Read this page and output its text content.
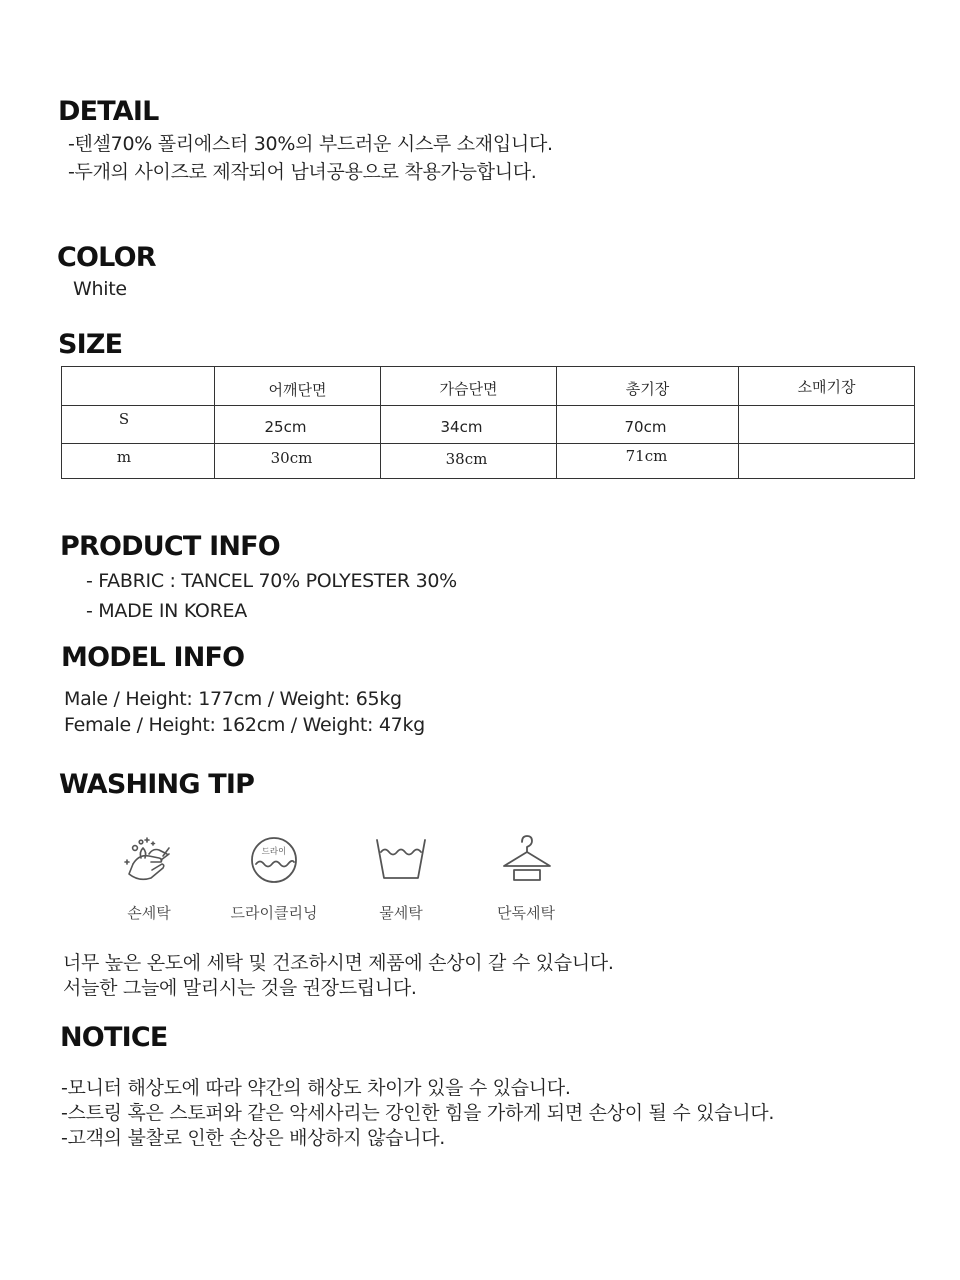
DETAIL
-텐셀70% 폴리에스터 30%의 부드러운 시스루 소재입니다.
-두개의 사이즈로 제작되어 남녀공용으로 착용가능합니다.
COLOR
White
SIZE

	어깨단면	가슴단면	총기장	소매기장

S	25cm	34cm	70cm	

m	30cm	38cm	71cm	

PRODUCT INFO
- FABRIC : TANCEL 70% POLYESTER 30%
- MADE IN KOREA
MODEL INFO
Male / Height: 177cm / Weight: 65kg
Female / Height: 162cm / Weight: 47kg
WASHING TIP
손세탁
드라이
드라이클리닝	물세탁	단독세탁
너무 높은 온도에 세탁 및 건조하시면 제품에 손상이 갈 수 있습니다.
서늘한 그늘에 말리시는 것을 권장드립니다.
NOTICE
-모니터 해상도에 따라 약간의 해상도 차이가 있을 수 있습니다.
-스트링 혹은 스토퍼와 같은 악세사리는 강인한 힘을 가하게 되면 손상이 될 수 있습니다.
-고객의 불찰로 인한 손상은 배상하지 않습니다.
